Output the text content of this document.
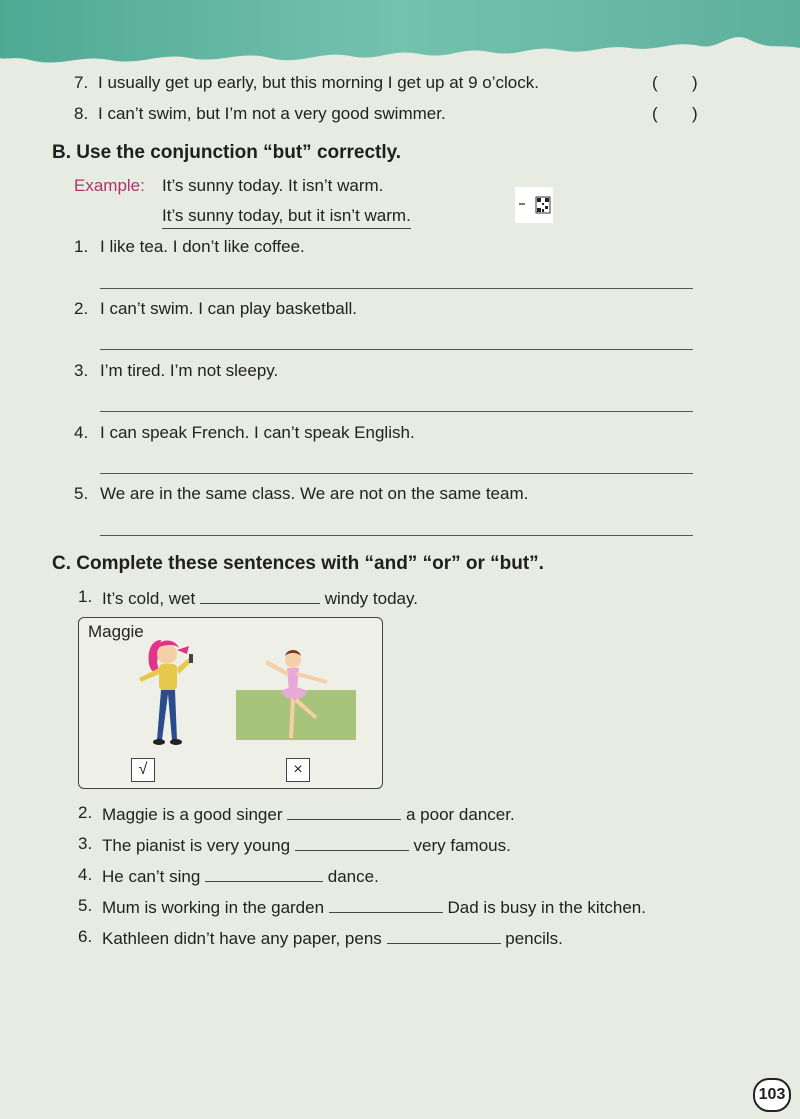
7. I usually get up early, but this morning I get up at 9 o’clock.	( )
8. I can’t swim, but I’m not a very good swimmer.	( )
B. Use the conjunction “but” correctly.
Example: It’s sunny today. It isn’t warm.
It’s sunny today, but it isn’t warm.
1. I like tea. I don’t like coffee.
2. I can’t swim. I can play basketball.
3. I’m tired. I’m not sleepy.
4. I can speak French. I can’t speak English.
5. We are in the same class. We are not on the same team.
C. Complete these sentences with “and” “or” or “but”.
1. It’s cold, wet	windy today.
Maggie
√	×
2. Maggie is a good singer	a poor dancer.
3. The pianist is very young	very famous.
4. He can’t sing	dance.
5. Mum is working in the garden	Dad is busy in the kitchen.
6. Kathleen didn’t have any paper, pens	pencils.
103
